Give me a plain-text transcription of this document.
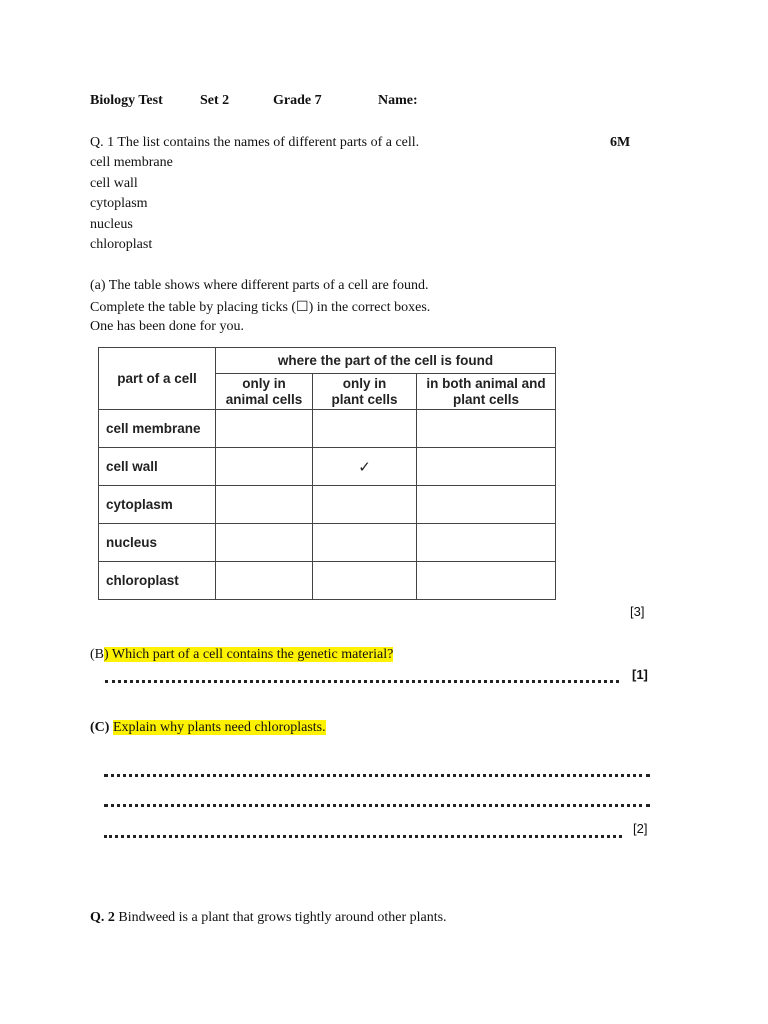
Biology Test	Set 2	Grade 7	Name:
Q. 1 The list contains the names of different parts of a cell.	6M
cell membrane
cell wall
cytoplasm
nucleus
chloroplast
(a) The table shows where different parts of a cell are found.
Complete the table by placing ticks (☐) in the correct boxes.
One has been done for you.
part of a cell	where the part of the cell is found		
	only in animal cells	only in plant cells	in both animal and plant cells
cell membrane			
cell wall		✓	
cytoplasm			
nucleus			
chloroplast			
[3]
(B) Which part of a cell contains the genetic material?
[1]
(C) Explain why plants need chloroplasts.
[2]
Q. 2 Bindweed is a plant that grows tightly around other plants.
